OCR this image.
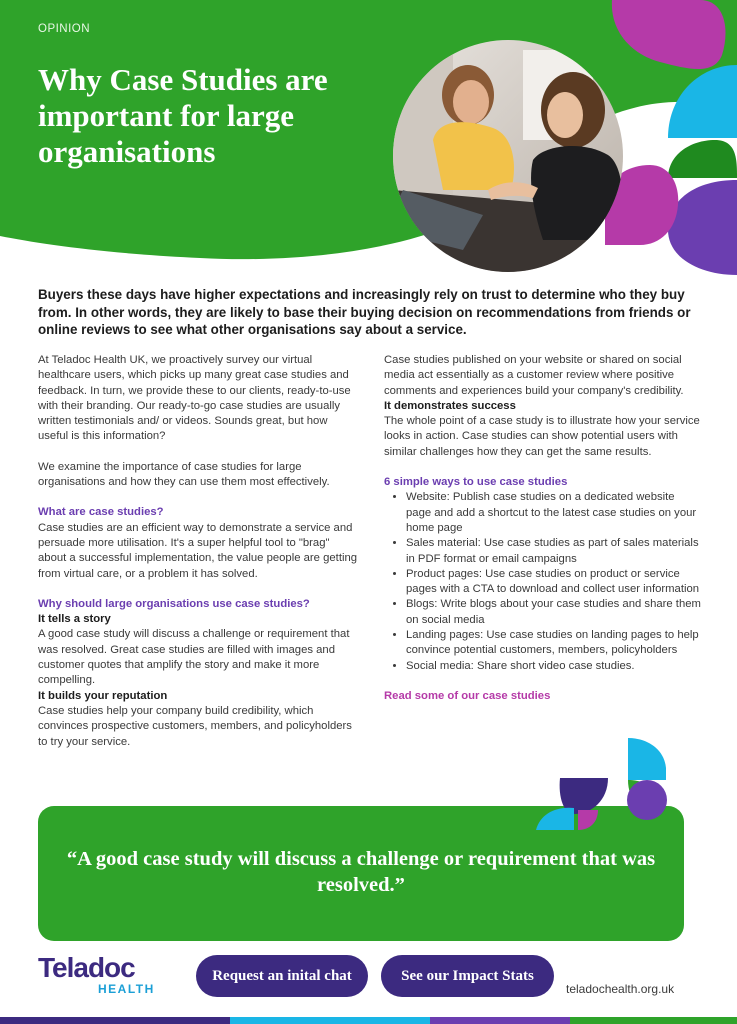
OPINION
Why Case Studies are important for large organisations
Buyers these days have higher expectations and increasingly rely on trust to determine who they buy from. In other words, they are likely to base their buying decision on recommendations from friends or online reviews to see what other organisations say about a service.

At Teladoc Health UK, we proactively survey our virtual healthcare users, which picks up many great case studies and feedback. In turn, we provide these to our clients, ready-to-use with their branding. Our ready-to-go case studies are usually written testimonials and/ or videos. Sounds great, but how useful is this information?

We examine the importance of case studies for large organisations and how they can use them most effectively.

What are case studies?

Case studies are an efficient way to demonstrate a service and persuade more utilisation. It's a super helpful tool to "brag" about a successful implementation, the value people are getting from virtual care, or a problem it has solved.

Why should large organisations use case studies?

It tells a story

A good case study will discuss a challenge or requirement that was resolved. Great case studies are filled with images and customer quotes that amplify the story and make it more compelling.

It builds your reputation

Case studies help your company build credibility, which convinces prospective customers, members, and policyholders to try your service.

Case studies published on your website or shared on social media act essentially as a customer review where positive comments and experiences build your company's credibility.

It demonstrates success

The whole point of a case study is to illustrate how your service looks in action. Case studies can show potential users with similar challenges how they can get the same results.

6 simple ways to use case studies

• Website: Publish case studies on a dedicated website page and add a shortcut to the latest case studies on your home page
• Sales material: Use case studies as part of sales materials in PDF format or email campaigns
• Product pages: Use case studies on product or service pages with a CTA to download and collect user information
• Blogs: Write blogs about your case studies and share them on social media
• Landing pages: Use case studies on landing pages to help convince potential customers, members, policyholders
• Social media: Share short video case studies.

Read some of our case studies

“A good case study will discuss a challenge or requirement that was resolved.”
Teladoc
HEALTH
Request an inital chat	See our Impact Stats
teladochealth.org.uk
